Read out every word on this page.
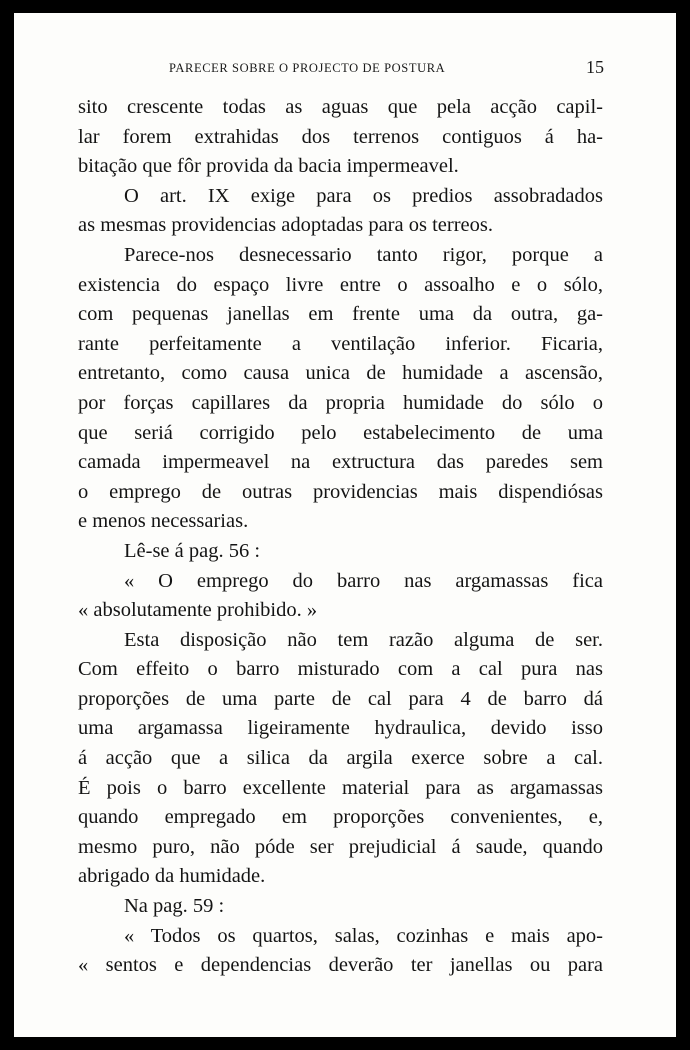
PARECER SOBRE O PROJECTO DE POSTURA	15
sito crescente todas as aguas que pela acção capil-
lar forem extrahidas dos terrenos contiguos á ha-
bitação que fôr provida da bacia impermeavel.
O art. IX exige para os predios assobradados
as mesmas providencias adoptadas para os terreos.
Parece-nos desnecessario tanto rigor, porque a
existencia do espaço livre entre o assoalho e o sólo,
com pequenas janellas em frente uma da outra, ga-
rante perfeitamente a ventilação inferior. Ficaria,
entretanto, como causa unica de humidade a ascensão,
por forças capillares da propria humidade do sólo o
que seriá corrigido pelo estabelecimento de uma
camada impermeavel na extructura das paredes sem
o emprego de outras providencias mais dispendiósas
e menos necessarias.
Lê-se á pag. 56 :
« O emprego do barro nas argamassas fica
« absolutamente prohibido. »
Esta disposição não tem razão alguma de ser.
Com effeito o barro misturado com a cal pura nas
proporções de uma parte de cal para 4 de barro dá
uma argamassa ligeiramente hydraulica, devido isso
á acção que a silica da argila exerce sobre a cal.
É pois o barro excellente material para as argamassas
quando empregado em proporções convenientes, e,
mesmo puro, não póde ser prejudicial á saude, quando
abrigado da humidade.
Na pag. 59 :
« Todos os quartos, salas, cozinhas e mais apo-
« sentos e dependencias deverão ter janellas ou para
